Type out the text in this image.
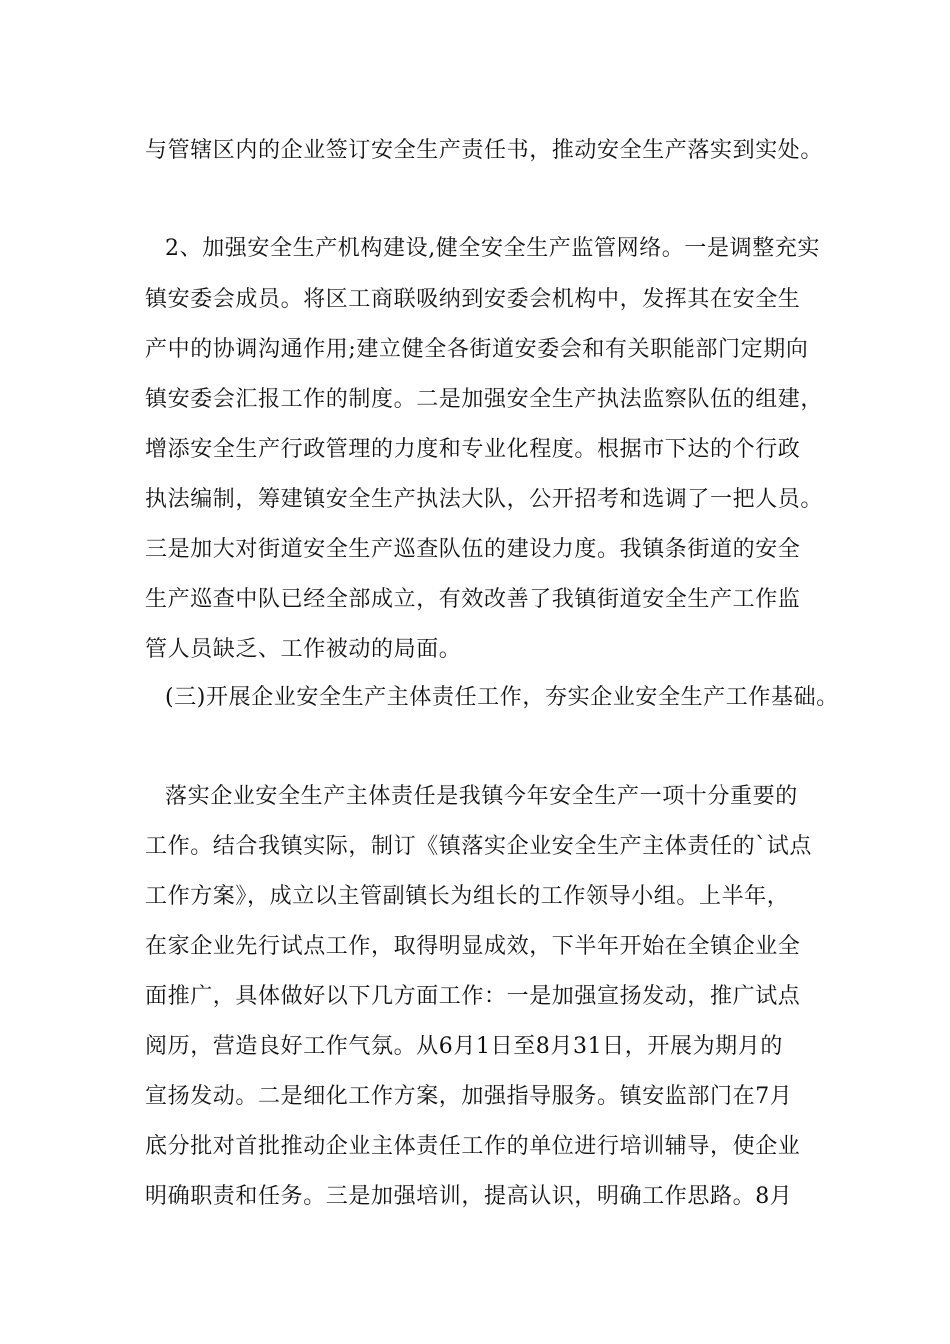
与管辖区内的企业签订安全生产责任书，推动安全生产落实到实处。
2、加强安全生产机构建设,健全安全生产监管网络。一是调整充实
镇安委会成员。将区工商联吸纳到安委会机构中，发挥其在安全生
产中的协调沟通作用;建立健全各街道安委会和有关职能部门定期向
镇安委会汇报工作的制度。二是加强安全生产执法监察队伍的组建，
增添安全生产行政管理的力度和专业化程度。根据市下达的个行政
执法编制，筹建镇安全生产执法大队，公开招考和选调了一把人员。
三是加大对街道安全生产巡查队伍的建设力度。我镇条街道的安全
生产巡查中队已经全部成立，有效改善了我镇街道安全生产工作监
管人员缺乏、工作被动的局面。
(三)开展企业安全生产主体责任工作，夯实企业安全生产工作基础。
落实企业安全生产主体责任是我镇今年安全生产一项十分重要的
工作。结合我镇实际，制订《镇落实企业安全生产主体责任的`试点
工作方案》，成立以主管副镇长为组长的工作领导小组。上半年，
在家企业先行试点工作，取得明显成效，下半年开始在全镇企业全
面推广，具体做好以下几方面工作：一是加强宣扬发动，推广试点
阅历，营造良好工作气氛。从6月1日至8月31日，开展为期月的
宣扬发动。二是细化工作方案，加强指导服务。镇安监部门在7月
底分批对首批推动企业主体责任工作的单位进行培训辅导，使企业
明确职责和任务。三是加强培训，提高认识，明确工作思路。8月
